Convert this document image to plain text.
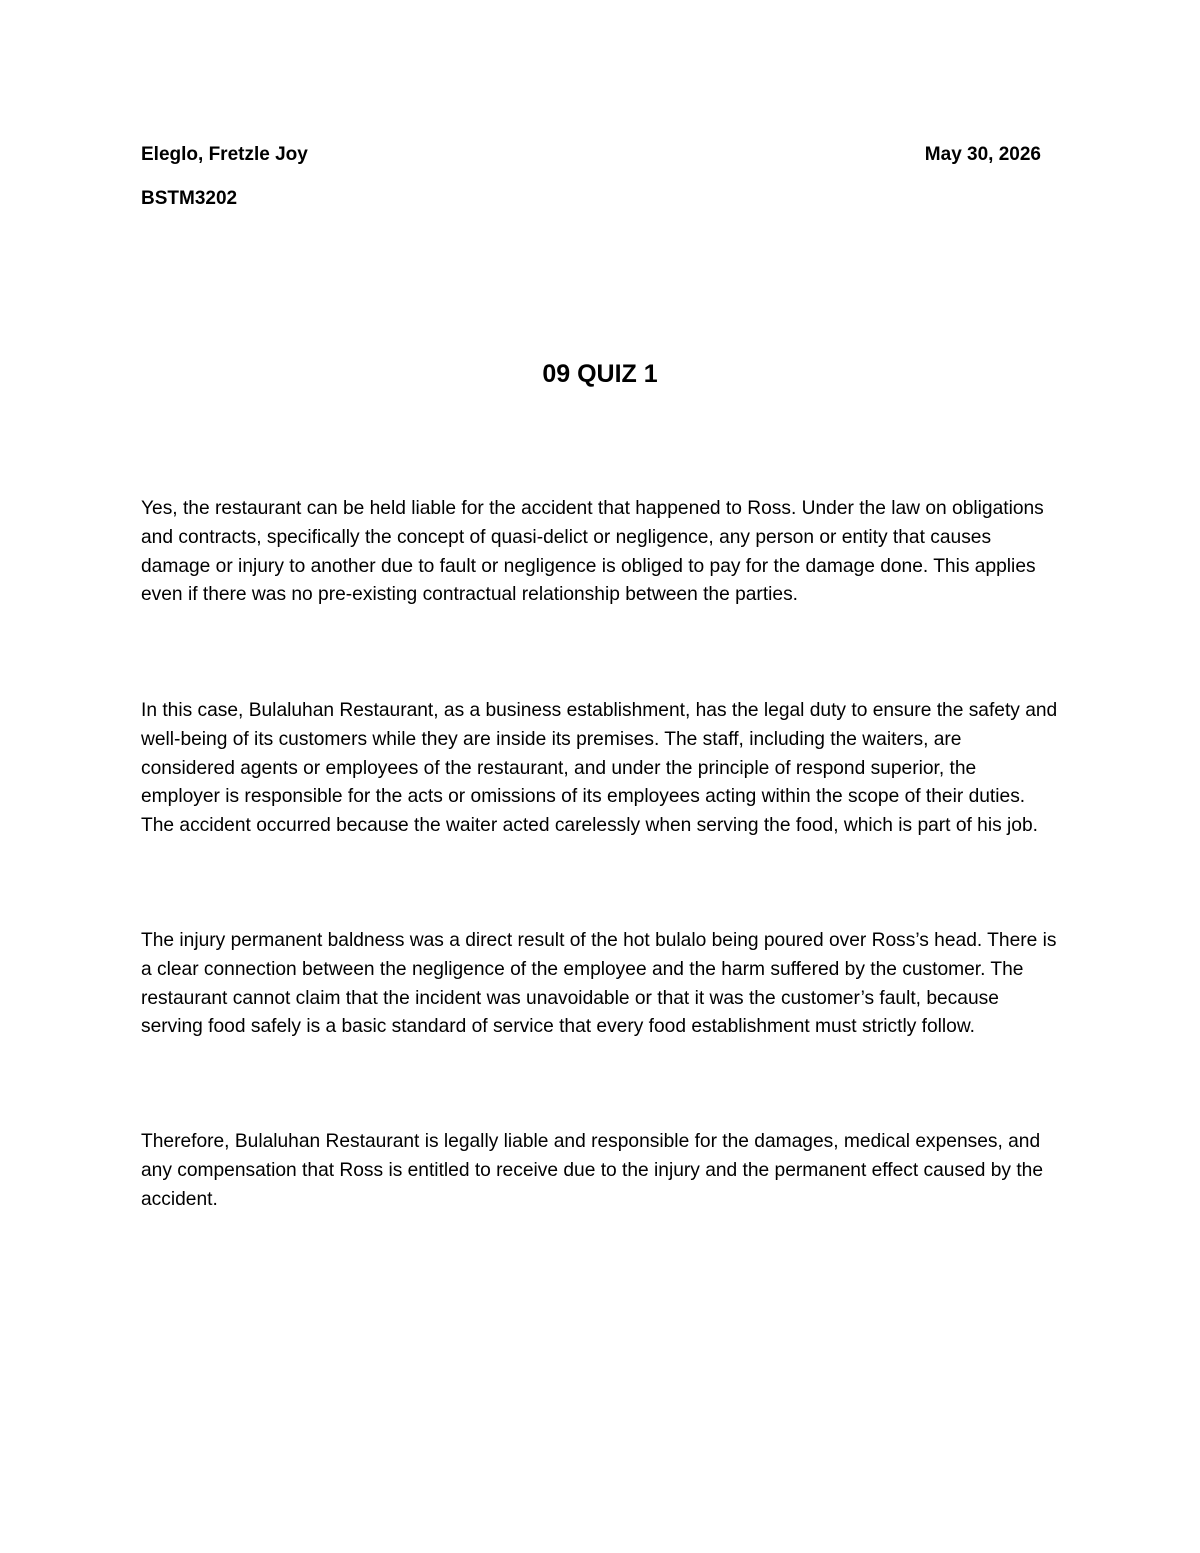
Eleglo, Fretzle Joy	May 30, 2026
BSTM3202
09 QUIZ 1

Yes, the restaurant can be held liable for the accident that happened to Ross. Under the law on obligations and contracts, specifically the concept of quasi-delict or negligence, any person or entity that causes damage or injury to another due to fault or negligence is obliged to pay for the damage done. This applies even if there was no pre-existing contractual relationship between the parties.

In this case, Bulaluhan Restaurant, as a business establishment, has the legal duty to ensure the safety and well-being of its customers while they are inside its premises. The staff, including the waiters, are considered agents or employees of the restaurant, and under the principle of respond superior, the employer is responsible for the acts or omissions of its employees acting within the scope of their duties. The accident occurred because the waiter acted carelessly when serving the food, which is part of his job.

The injury permanent baldness was a direct result of the hot bulalo being poured over Ross’s head. There is a clear connection between the negligence of the employee and the harm suffered by the customer. The restaurant cannot claim that the incident was unavoidable or that it was the customer’s fault, because serving food safely is a basic standard of service that every food establishment must strictly follow.

Therefore, Bulaluhan Restaurant is legally liable and responsible for the damages, medical expenses, and any compensation that Ross is entitled to receive due to the injury and the permanent effect caused by the accident.
